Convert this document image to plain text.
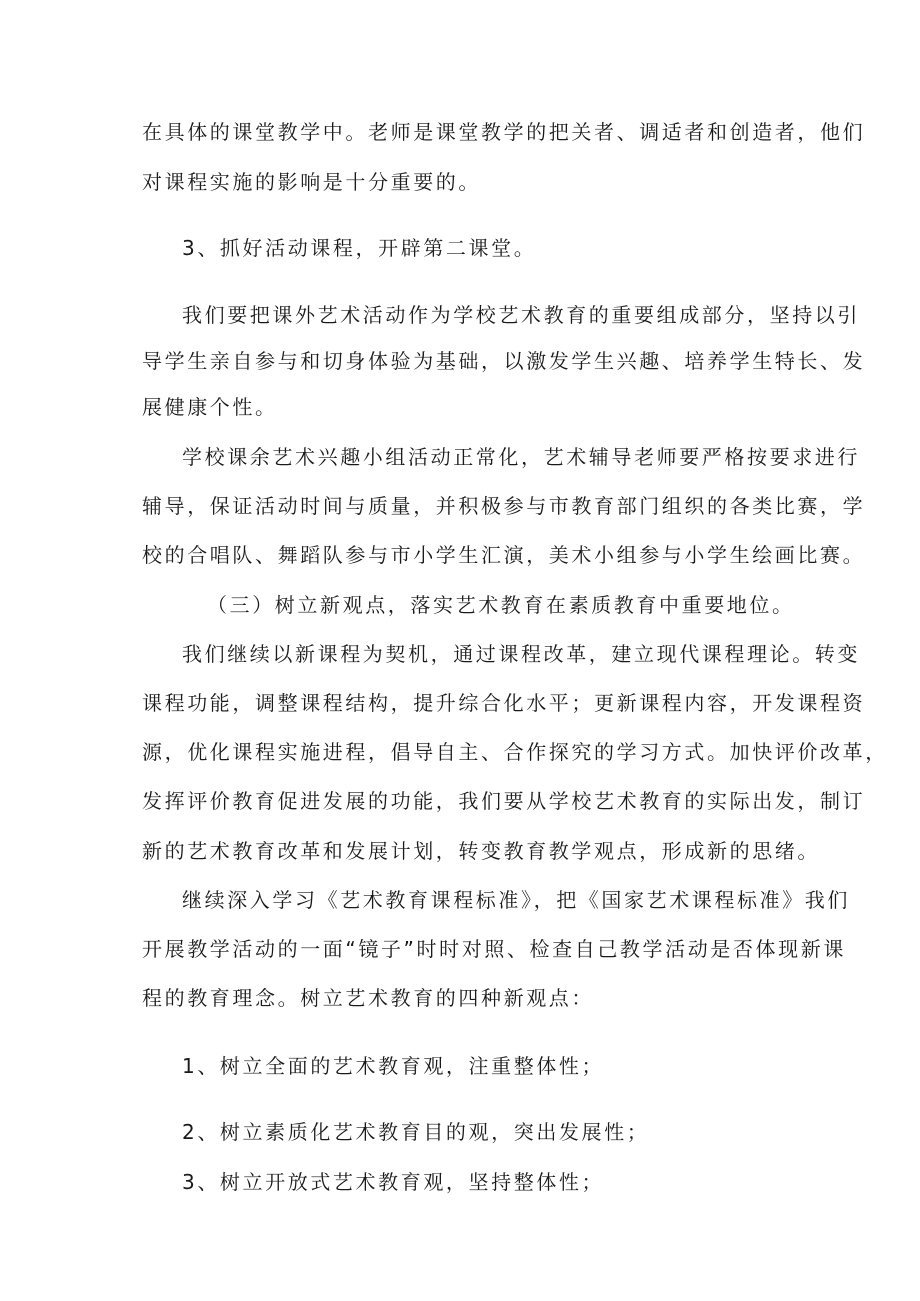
在具体的课堂教学中。老师是课堂教学的把关者、调适者和创造者，他们
对课程实施的影响是十分重要的。
3、抓好活动课程，开辟第二课堂。
我们要把课外艺术活动作为学校艺术教育的重要组成部分，坚持以引
导学生亲自参与和切身体验为基础，以激发学生兴趣、培养学生特长、发
展健康个性。
学校课余艺术兴趣小组活动正常化，艺术辅导老师要严格按要求进行
辅导，保证活动时间与质量，并积极参与市教育部门组织的各类比赛，学
校的合唱队、舞蹈队参与市小学生汇演，美术小组参与小学生绘画比赛。
（三）树立新观点，落实艺术教育在素质教育中重要地位。
我们继续以新课程为契机，通过课程改革，建立现代课程理论。转变
课程功能，调整课程结构，提升综合化水平；更新课程内容，开发课程资
源，优化课程实施进程，倡导自主、合作探究的学习方式。加快评价改革，
发挥评价教育促进发展的功能，我们要从学校艺术教育的实际出发，制订
新的艺术教育改革和发展计划，转变教育教学观点，形成新的思绪。
继续深入学习《艺术教育课程标准》，把《国家艺术课程标准》我们
开展教学活动的一面“镜子”时时对照、检查自己教学活动是否体现新课
程的教育理念。树立艺术教育的四种新观点：
1、树立全面的艺术教育观，注重整体性；
2、树立素质化艺术教育目的观，突出发展性；
3、树立开放式艺术教育观，坚持整体性；
